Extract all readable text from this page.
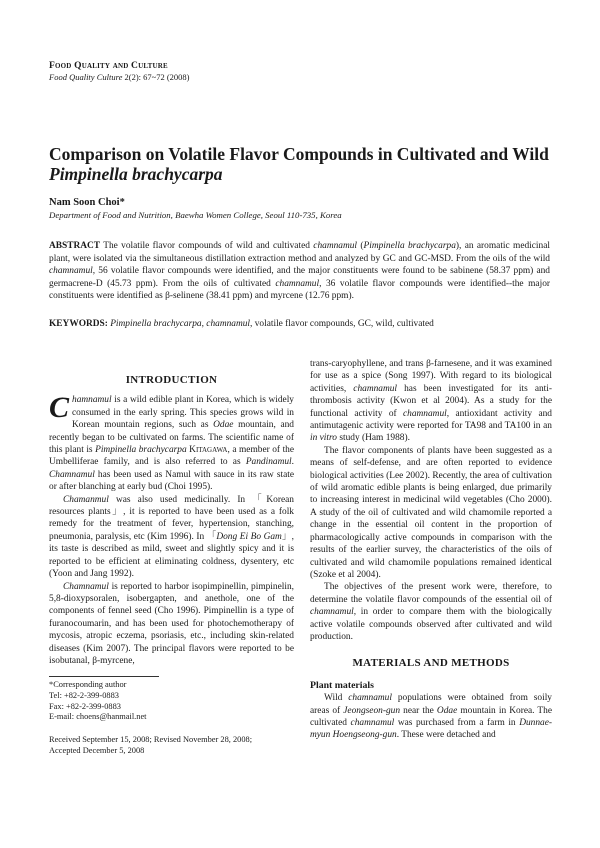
Food Quality and Culture
Food Quality Culture 2(2): 67~72 (2008)
Comparison on Volatile Flavor Compounds in Cultivated and Wild
Pimpinella brachycarpa
Nam Soon Choi*
Department of Food and Nutrition, Baewha Women College, Seoul 110-735, Korea
ABSTRACT The volatile flavor compounds of wild and cultivated chamnamul (Pimpinella brachycarpa), an aromatic medicinal plant, were isolated via the simultaneous distillation extraction method and analyzed by GC and GC-MSD. From the oils of the wild chamnamul, 56 volatile flavor compounds were identified, and the major constituents were found to be sabinene (58.37 ppm) and germacrene-D (45.73 ppm). From the oils of cultivated chamnamul, 36 volatile flavor compounds were identified--the major constituents were identified as β-selinene (38.41 ppm) and myrcene (12.76 ppm).
KEYWORDS: Pimpinella brachycarpa, chamnamul, volatile flavor compounds, GC, wild, cultivated
INTRODUCTION

Chamnamul is a wild edible plant in Korea, which is widely consumed in the early spring. This species grows wild in Korean mountain regions, such as Odae mountain, and recently began to be cultivated on farms. The scientific name of this plant is Pimpinella brachycarpa Kitagawa, a member of the Umbelliferae family, and is also referred to as Pandinamul. Chamnamul has been used as Namul with sauce in its raw state or after blanching at early bud (Choi 1995).

Chamanmul was also used medicinally. In 「Korean resources plants」, it is reported to have been used as a folk remedy for the treatment of fever, hypertension, stanching, pneumonia, paralysis, etc (Kim 1996). In 「Dong Ei Bo Gam」, its taste is described as mild, sweet and slightly spicy and it is reported to be efficient at eliminating coldness, dysentery, etc (Yoon and Jang 1992).

Chamnamul is reported to harbor isopimpinellin, pimpinelin, 5,8-dioxypsoralen, isobergapten, and anethole, one of the components of fennel seed (Cho 1996). Pimpinellin is a type of furanocoumarin, and has been used for photochemotherapy of mycosis, atropic eczema, psoriasis, etc., including skin-related diseases (Kim 2007). The principal flavors were reported to be isobutanal, β-myrcene,

trans-caryophyllene, and trans β-farnesene, and it was examined for use as a spice (Song 1997). With regard to its biological activities, chamnamul has been investigated for its anti-thrombosis activity (Kwon et al 2004). As a study for the functional activity of chamnamul, antioxidant activity and antimutagenic activity were reported for TA98 and TA100 in an in vitro study (Ham 1988).

The flavor components of plants have been suggested as a means of self-defense, and are often reported to evidence biological activities (Lee 2002). Recently, the area of cultivation of wild aromatic edible plants is being enlarged, due primarily to increasing interest in medicinal wild vegetables (Cho 2000). A study of the oil of cultivated and wild chamomile reported a change in the essential oil content in the proportion of pharmacologically active compounds in comparison with the results of the earlier survey, the characteristics of the oils of cultivated and wild chamomile populations remained identical (Szoke et al 2004).

The objectives of the present work were, therefore, to determine the volatile flavor compounds of the essential oil of chamnamul, in order to compare them with the biologically active volatile compounds observed after cultivated and wild production.

MATERIALS AND METHODS
Plant materials

Wild chamnamul populations were obtained from soily areas of Jeongseon-gun near the Odae mountain in Korea. The cultivated chamnamul was purchased from a farm in Dunnae-myun Hoengseong-gun. These were detached and

*Corresponding author
Tel: +82-2-399-0883
Fax: +82-2-399-0883
E-mail: choens@hanmail.net
Received September 15, 2008; Revised November 28, 2008;
Accepted December 5, 2008
